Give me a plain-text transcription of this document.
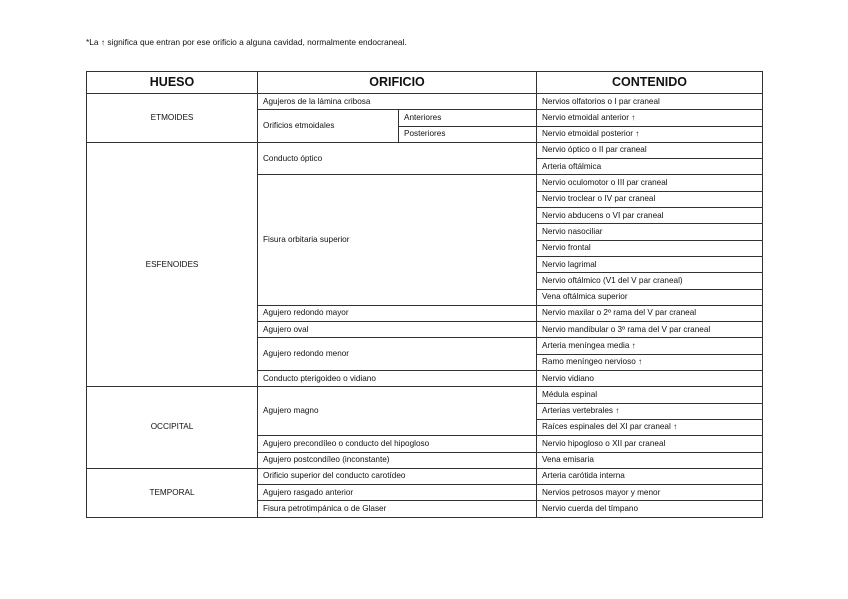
*La ↑ significa que entran por ese orificio a alguna cavidad, normalmente endocraneal.
HUESO	ORIFICIO		CONTENIDO
ETMOIDES	Agujeros de la lámina cribosa		Nervios olfatorios o I par craneal
	Orificios etmoidales	Anteriores	Nervio etmoidal anterior ↑
		Posteriores	Nervio etmoidal posterior ↑
ESFENOIDES	Conducto óptico		Nervio óptico o II par craneal
			Arteria oftálmica
	Fisura orbitaria superior		Nervio oculomotor o III par craneal
			Nervio troclear o IV par craneal
			Nervio abducens o VI par craneal
			Nervio nasociliar
			Nervio frontal
			Nervio lagrimal
			Nervio oftálmico (V1 del V par craneal)
			Vena oftálmica superior
	Agujero redondo mayor		Nervio maxilar o 2º rama del V par craneal
	Agujero oval		Nervio mandibular o 3º rama del V par craneal
	Agujero redondo menor		Arteria meníngea media ↑
			Ramo meníngeo nervioso ↑
	Conducto pterigoideo o vidiano		Nervio vidiano
OCCIPITAL	Agujero magno		Médula espinal
			Arterias vertebrales ↑
			Raíces espinales del XI par craneal ↑
	Agujero precondíleo o conducto del hipogloso		Nervio hipogloso o XII par craneal
	Agujero postcondíleo (inconstante)		Vena emisaria
TEMPORAL	Orificio superior del conducto carotídeo		Arteria carótida interna
	Agujero rasgado anterior		Nervios petrosos mayor y menor
	Fisura petrotimpánica o de Glaser		Nervio cuerda del tímpano
